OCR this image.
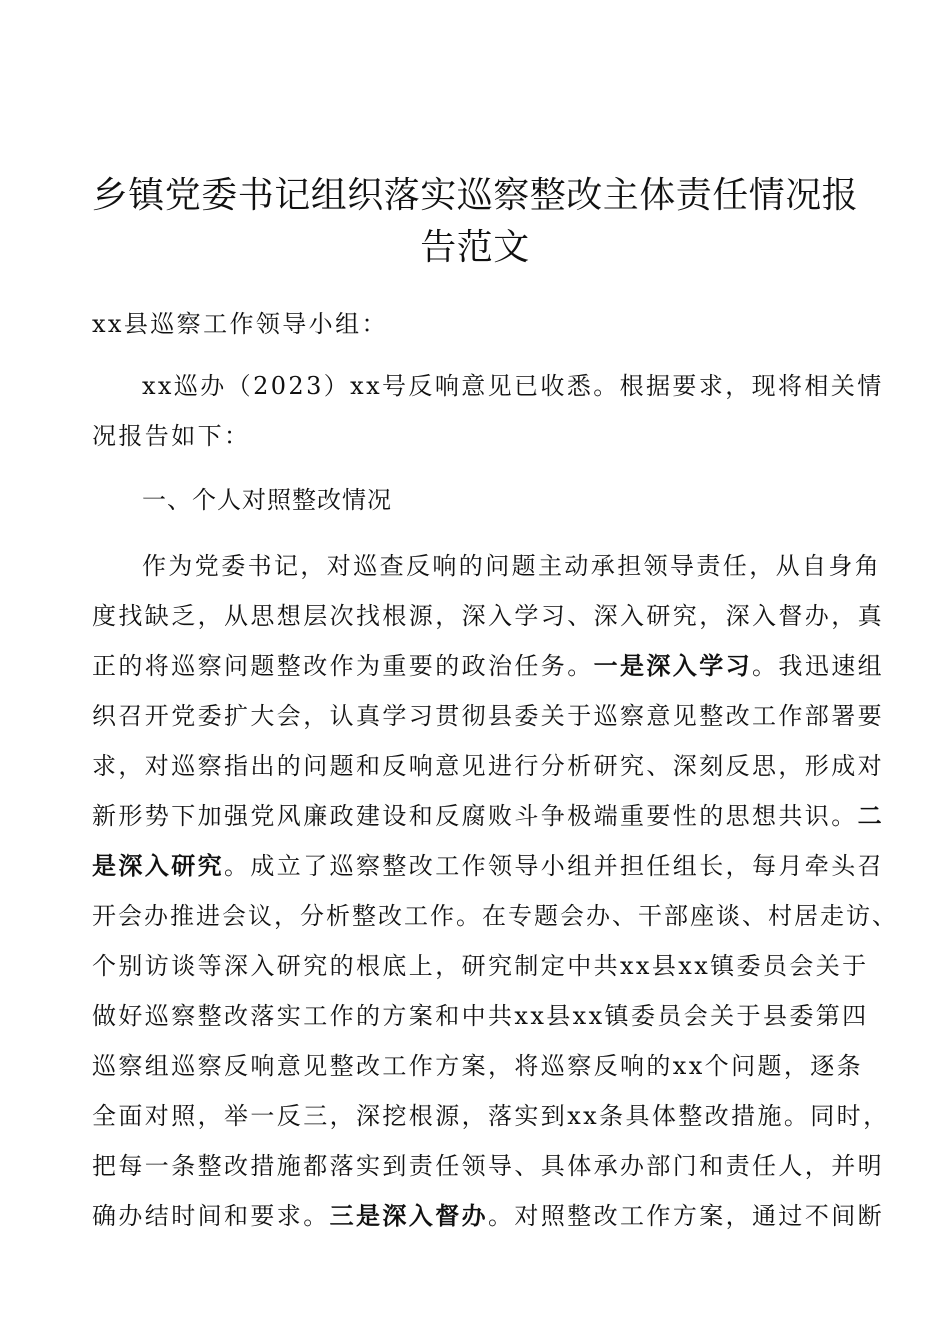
乡镇党委书记组织落实巡察整改主体责任情况报
告范文
xx县巡察工作领导小组：
xx巡办（2023）xx号反响意见已收悉。根据要求，现将相关情
况报告如下：
一、个人对照整改情况
作为党委书记，对巡查反响的问题主动承担领导责任，从自身角
度找缺乏，从思想层次找根源，深入学习、深入研究，深入督办，真
正的将巡察问题整改作为重要的政治任务。一是深入学习。我迅速组
织召开党委扩大会，认真学习贯彻县委关于巡察意见整改工作部署要
求，对巡察指出的问题和反响意见进行分析研究、深刻反思，形成对
新形势下加强党风廉政建设和反腐败斗争极端重要性的思想共识。二
是深入研究。成立了巡察整改工作领导小组并担任组长，每月牵头召
开会办推进会议，分析整改工作。在专题会办、干部座谈、村居走访、
个别访谈等深入研究的根底上，研究制定中共xx县xx镇委员会关于
做好巡察整改落实工作的方案和中共xx县xx镇委员会关于县委第四
巡察组巡察反响意见整改工作方案，将巡察反响的xx个问题，逐条
全面对照，举一反三，深挖根源，落实到xx条具体整改措施。同时，
把每一条整改措施都落实到责任领导、具体承办部门和责任人，并明
确办结时间和要求。三是深入督办。对照整改工作方案，通过不间断
